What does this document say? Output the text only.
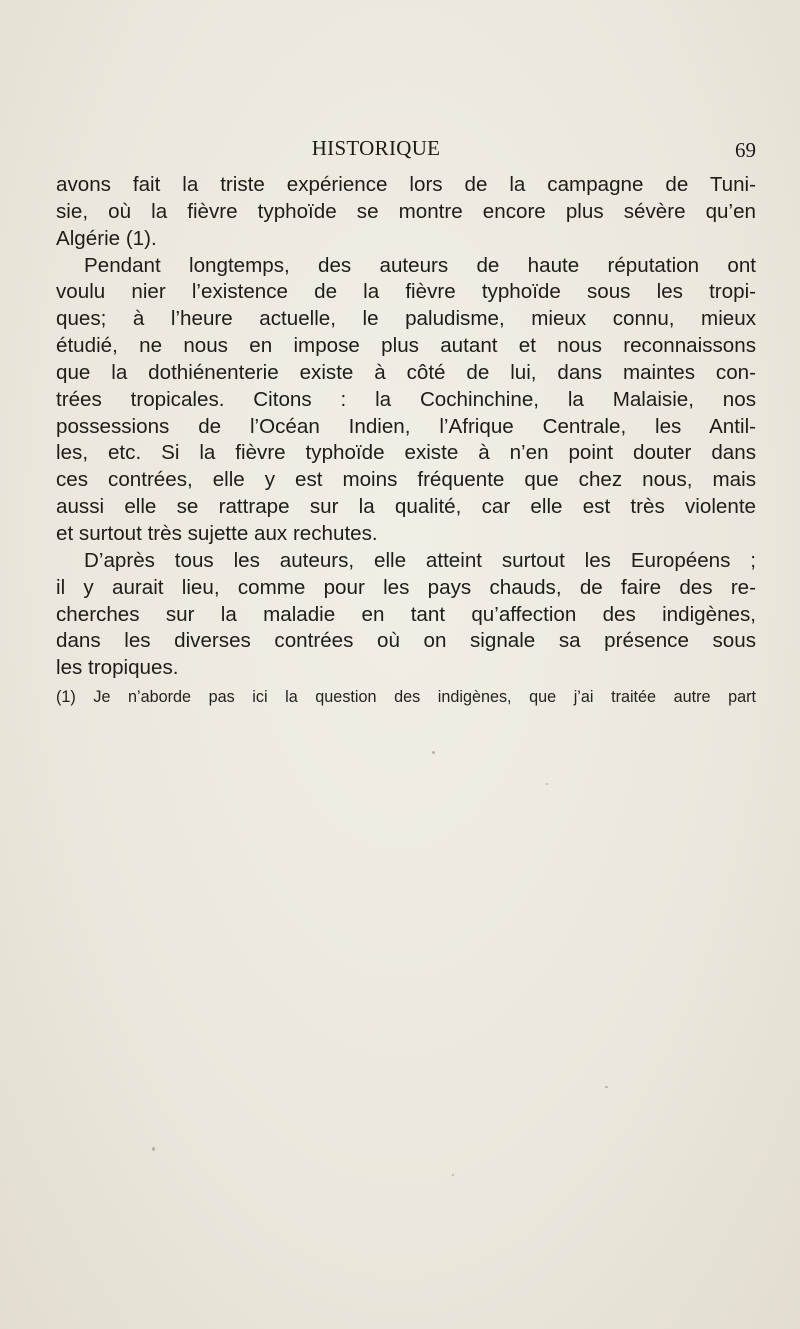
HISTORIQUE	69
avons fait la triste expérience lors de la campagne de Tuni-
sie, où la fièvre typhoïde se montre encore plus sévère qu’en
Algérie (1).
Pendant longtemps, des auteurs de haute réputation ont
voulu nier l’existence de la fièvre typhoïde sous les tropi-
ques; à l’heure actuelle, le paludisme, mieux connu, mieux
étudié, ne nous en impose plus autant et nous reconnaissons
que la dothiénenterie existe à côté de lui, dans maintes con-
trées tropicales. Citons : la Cochinchine, la Malaisie, nos
possessions de l’Océan Indien, l’Afrique Centrale, les Antil-
les, etc. Si la fièvre typhoïde existe à n’en point douter dans
ces contrées, elle y est moins fréquente que chez nous, mais
aussi elle se rattrape sur la qualité, car elle est très violente
et surtout très sujette aux rechutes.
D’après tous les auteurs, elle atteint surtout les Européens ;
il y aurait lieu, comme pour les pays chauds, de faire des re-
cherches sur la maladie en tant qu’affection des indigènes,
dans les diverses contrées où on signale sa présence sous
les tropiques.
(1) Je n’aborde pas ici la question des indigènes, que j’ai traitée autre part
